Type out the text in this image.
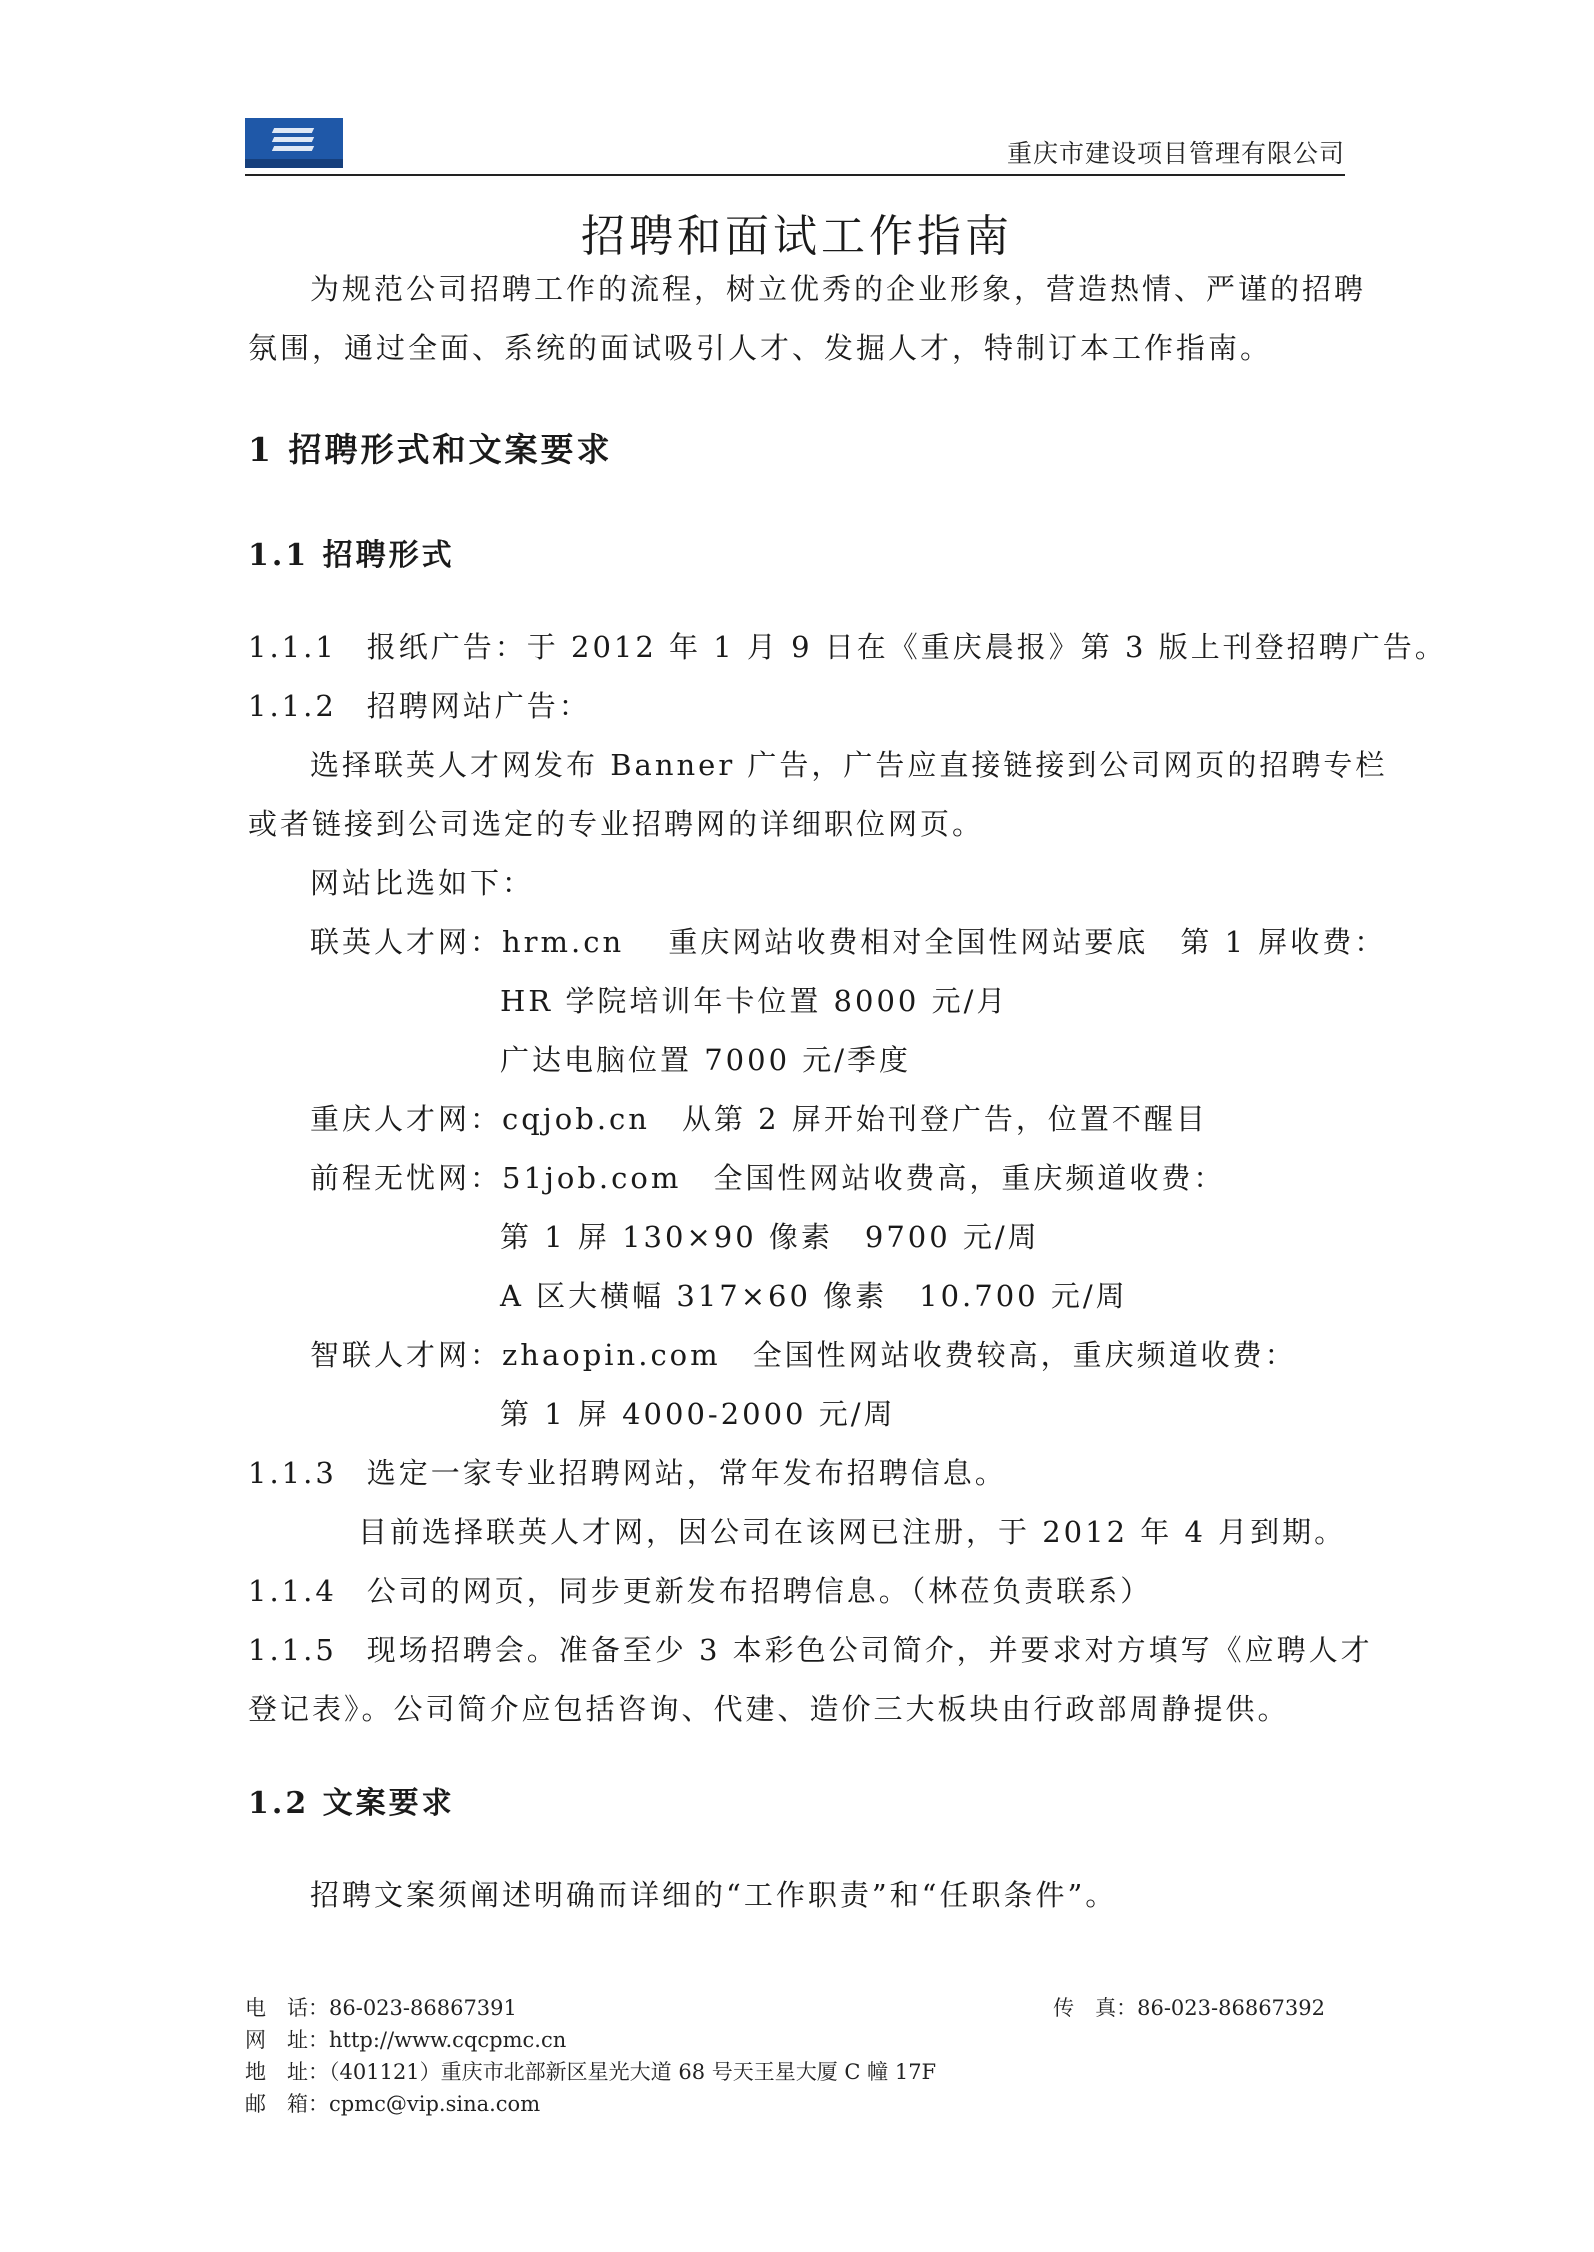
重庆市建设项目管理有限公司
招聘和面试工作指南
为规范公司招聘工作的流程，树立优秀的企业形象，营造热情、严谨的招聘
氛围，通过全面、系统的面试吸引人才、发掘人才，特制订本工作指南。
1 招聘形式和文案要求
1.1 招聘形式
1.1.1 报纸广告：于 2012 年 1 月 9 日在《重庆晨报》第 3 版上刊登招聘广告。
1.1.2 招聘网站广告：
选择联英人才网发布 Banner 广告，广告应直接链接到公司网页的招聘专栏
或者链接到公司选定的专业招聘网的详细职位网页。
网站比选如下：
联英人才网：hrm.cn　 重庆网站收费相对全国性网站要底　第 1 屏收费：
HR 学院培训年卡位置 8000 元/月
广达电脑位置 7000 元/季度
重庆人才网：cqjob.cn　从第 2 屏开始刊登广告，位置不醒目
前程无忧网：51job.com　全国性网站收费高，重庆频道收费：
第 1 屏 130×90 像素　9700 元/周
A 区大横幅 317×60 像素　10.700 元/周
智联人才网：zhaopin.com　全国性网站收费较高，重庆频道收费：
第 1 屏 4000-2000 元/周
1.1.3 选定一家专业招聘网站，常年发布招聘信息。
目前选择联英人才网，因公司在该网已注册，于 2012 年 4 月到期。
1.1.4 公司的网页，同步更新发布招聘信息。（林莅负责联系）
1.1.5 现场招聘会。准备至少 3 本彩色公司简介，并要求对方填写《应聘人才
登记表》。公司简介应包括咨询、代建、造价三大板块由行政部周静提供。
1.2 文案要求
招聘文案须阐述明确而详细的“工作职责”和“任职条件”。
电　话：86-023-86867391	传　真：86-023-86867392
网　址：http://www.cqcpmc.cn
地　址：（401121）重庆市北部新区星光大道 68 号天王星大厦 C 幢 17F
邮　箱：cpmc@vip.sina.com
